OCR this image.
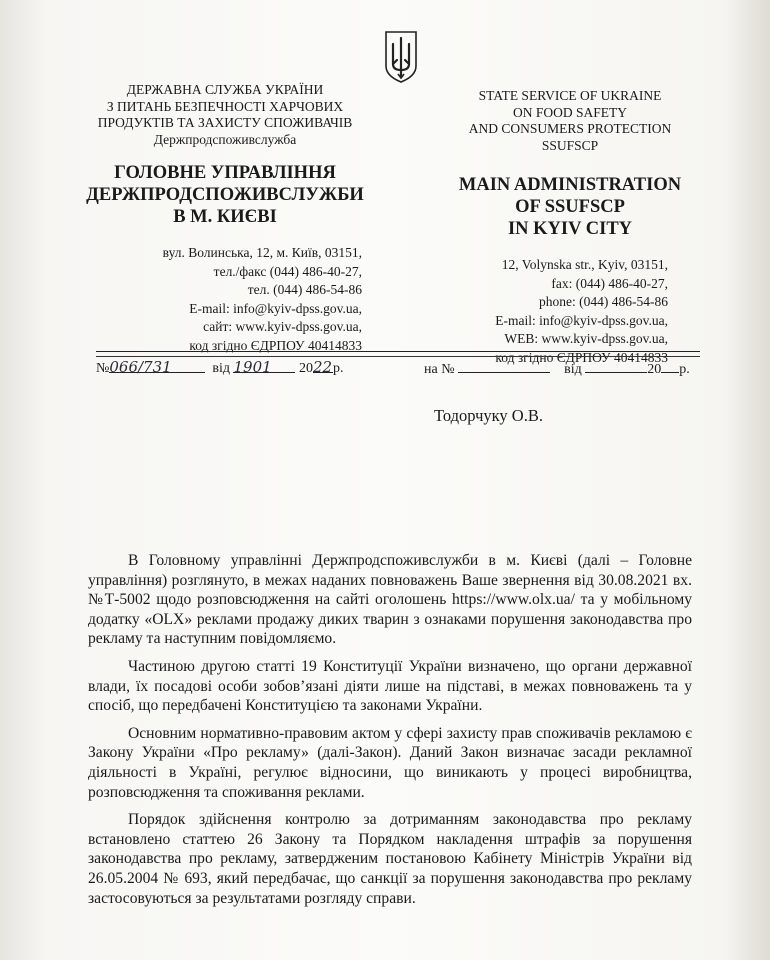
ДЕРЖАВНА СЛУЖБА УКРАЇНИ
З ПИТАНЬ БЕЗПЕЧНОСТІ ХАРЧОВИХ
ПРОДУКТІВ ТА ЗАХИСТУ СПОЖИВАЧІВ
Держпродспоживслужба
ГОЛОВНЕ УПРАВЛІННЯ
ДЕРЖПРОДСПОЖИВСЛУЖБИ
В М. КИЄВІ
вул. Волинська, 12, м. Київ, 03151,
тел./факс (044) 486-40-27,
тел. (044) 486-54-86
E-mail: info@kyiv-dpss.gov.ua,
сайт: www.kyiv-dpss.gov.ua,
код згідно ЄДРПОУ 40414833
STATE SERVICE OF UKRAINE
ON FOOD SAFETY
AND CONSUMERS PROTECTION
SSUFSCP
MAIN ADMINISTRATION
OF SSUFSCP
IN KYIV CITY
12, Volynska str., Kyiv, 03151,
fax: (044) 486-40-27,
phone: (044) 486-54-86
E-mail: info@kyiv-dpss.gov.ua,
WEB: www.kyiv-dpss.gov.ua,
код згідно ЄДРПОУ 40414833
№066/731	від 1901 2022р.	на №	від	20 р.
Тодорчуку О.В.

В Головному управлінні Держпродспоживслужби в м. Києві (далі – Головне управління) розглянуто, в межах наданих повноважень Ваше звернення від 30.08.2021 вх. №Т-5002 щодо розповсюдження на сайті оголошень https://www.olx.ua/ та у мобільному додатку «OLX» реклами продажу диких тварин з ознаками порушення законодавства про рекламу та наступним повідомляємо.

Частиною другою статті 19 Конституції України визначено, що органи державної влади, їх посадові особи зобов’язані діяти лише на підставі, в межах повноважень та у спосіб, що передбачені Конституцією та законами України.

Основним нормативно-правовим актом у сфері захисту прав споживачів рекламою є Закону України «Про рекламу» (далі-Закон). Даний Закон визначає засади рекламної діяльності в Україні, регулює відносини, що виникають у процесі виробництва, розповсюдження та споживання реклами.

Порядок здійснення контролю за дотриманням законодавства про рекламу встановлено статтею 26 Закону та Порядком накладення штрафів за порушення законодавства про рекламу, затвердженим постановою Кабінету Міністрів України від 26.05.2004 № 693, який передбачає, що санкції за порушення законодавства про рекламу застосовуються за результатами розгляду справи.
